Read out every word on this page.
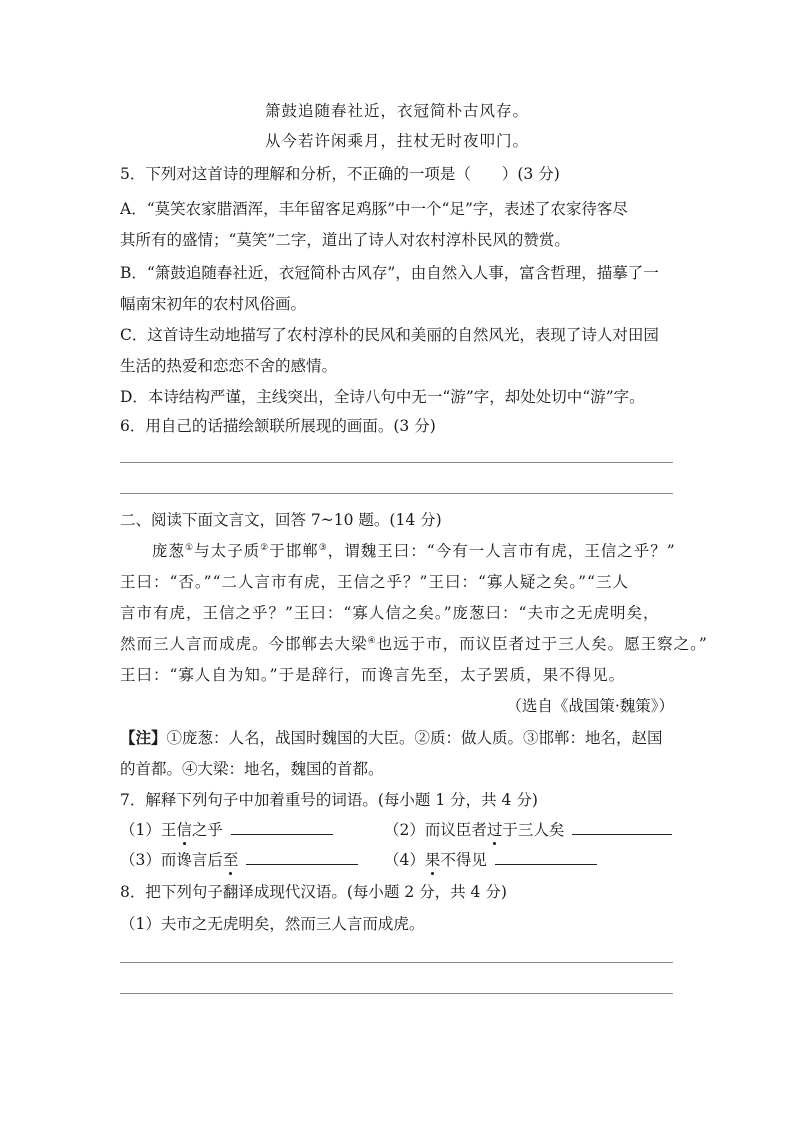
箫鼓追随春社近，衣冠简朴古风存。
从今若许闲乘月，拄杖无时夜叩门。
5．下列对这首诗的理解和分析，不正确的一项是（　　）(3 分)
A．“莫笑农家腊酒浑，丰年留客足鸡豚”中一个“足”字，表述了农家待客尽
其所有的盛情；“莫笑”二字，道出了诗人对农村淳朴民风的赞赏。
B．“箫鼓追随春社近，衣冠简朴古风存”，由自然入人事，富含哲理，描摹了一
幅南宋初年的农村风俗画。
C．这首诗生动地描写了农村淳朴的民风和美丽的自然风光，表现了诗人对田园
生活的热爱和恋恋不舍的感情。
D．本诗结构严谨，主线突出，全诗八句中无一“游”字，却处处切中“游”字。
6．用自己的话描绘颔联所展现的画面。(3 分)
二、阅读下面文言文，回答 7~10 题。(14 分)
庞葱①与太子质②于邯郸③，谓魏王曰：“今有一人言市有虎，王信之乎？”
王曰：“否。”“二人言市有虎，王信之乎？”王曰：“寡人疑之矣。”“三人
言市有虎，王信之乎？”王曰：“寡人信之矣。”庞葱曰：“夫市之无虎明矣，
然而三人言而成虎。今邯郸去大梁④也远于市，而议臣者过于三人矣。愿王察之。”
王曰：“寡人自为知。”于是辞行，而谗言先至，太子罢质，果不得见。
（选自《战国策·魏策》）
【注】①庞葱：人名，战国时魏国的大臣。②质：做人质。③邯郸：地名，赵国
的首都。④大梁：地名，魏国的首都。
7．解释下列句子中加着重号的词语。(每小题 1 分，共 4 分)
（1）王信之乎	（2）而议臣者过于三人矣
（3）而谗言后至	（4）果不得见
8．把下列句子翻译成现代汉语。(每小题 2 分，共 4 分)
（1）夫市之无虎明矣，然而三人言而成虎。
